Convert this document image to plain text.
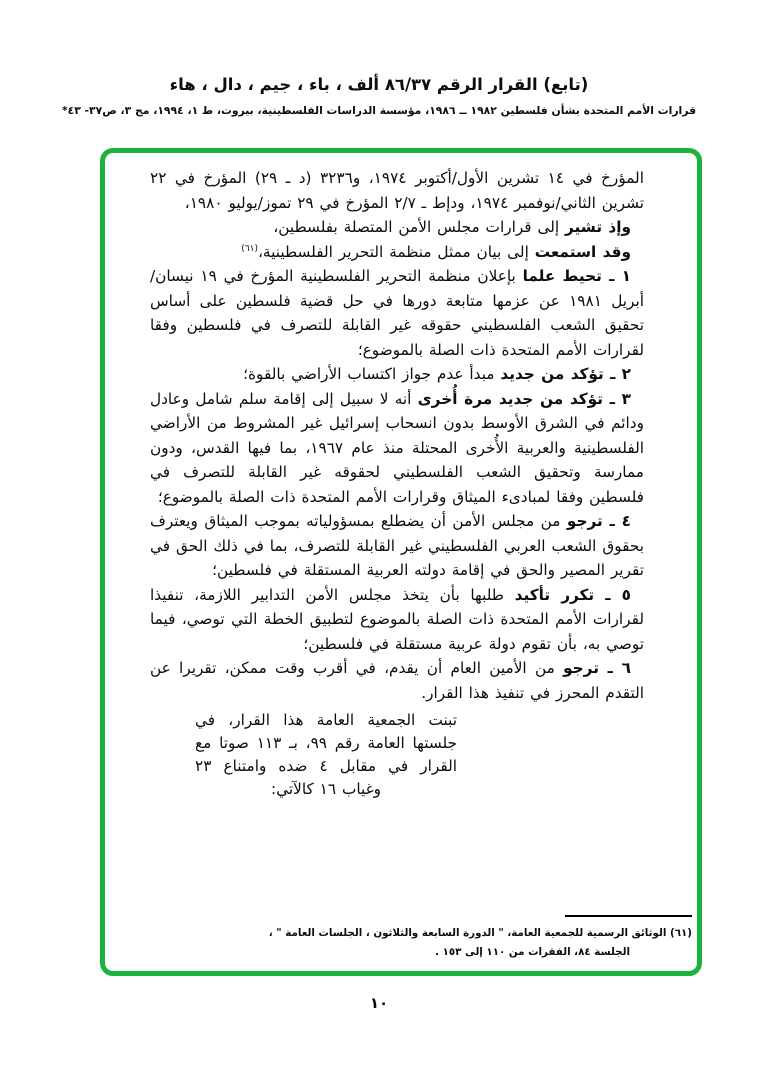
(تابع) القرار الرقم ٨٦/٣٧ ألف ، باء ، جيم ، دال ، هاء
قرارات الأمم المتحدة بشأن فلسطين ١٩٨٢ ــ ١٩٨٦، مؤسسة الدراسات الفلسطينية، بيروت، ط ١، ١٩٩٤، مج ٣، ص٣٧- ٤٣*

المؤرخ في ١٤ تشرين الأول/أكتوبر ١٩٧٤، و٣٢٣٦ (د ـ ٢٩) المؤرخ في ٢٢ تشرين الثاني/نوفمبر ١٩٧٤، ودإط ـ ٢/٧ المؤرخ في ٢٩ تموز/يوليو ١٩٨٠،

وإذ تشير إلى قرارات مجلس الأمن المتصلة بفلسطين،

وقد استمعت إلى بيان ممثل منظمة التحرير الفلسطينية،$^{(٦١)}$

١ ـ تحيط علما بإعلان منظمة التحرير الفلسطينية المؤرخ في ١٩ نيسان/أبريل ١٩٨١ عن عزمها متابعة دورها في حل قضية فلسطين على أساس تحقيق الشعب الفلسطيني حقوقه غير القابلة للتصرف في فلسطين وفقا لقرارات الأمم المتحدة ذات الصلة بالموضوع؛

٢ ـ تؤكد من جديد مبدأ عدم جواز اكتساب الأراضي بالقوة؛

٣ ـ تؤكد من جديد مرة أُخرى أنه لا سبيل إلى إقامة سلم شامل وعادل ودائم في الشرق الأوسط بدون انسحاب إسرائيل غير المشروط من الأراضي الفلسطينية والعربية الأُخرى المحتلة منذ عام ١٩٦٧، بما فيها القدس، ودون ممارسة وتحقيق الشعب الفلسطيني لحقوقه غير القابلة للتصرف في فلسطين وفقا لمبادىء الميثاق وقرارات الأمم المتحدة ذات الصلة بالموضوع؛

٤ ـ ترجو من مجلس الأمن أن يضطلع بمسؤولياته بموجب الميثاق ويعترف بحقوق الشعب العربي الفلسطيني غير القابلة للتصرف، بما في ذلك الحق في تقرير المصير والحق في إقامة دولته العربية المستقلة في فلسطين؛

٥ ـ تكرر تأكيد طلبها بأن يتخذ مجلس الأمن التدابير اللازمة، تنفيذا لقرارات الأمم المتحدة ذات الصلة بالموضوع لتطبيق الخطة التي توصي، فيما توصي به، بأن تقوم دولة عربية مستقلة في فلسطين؛

٦ ـ ترجو من الأمين العام أن يقدم، في أقرب وقت ممكن، تقريرا عن التقدم المحرز في تنفيذ هذا القرار.

تبنت الجمعية العامة هذا القرار، في جلستها العامة رقم ٩٩، بـ ١١٣ صوتا مع القرار في مقابل ٤ ضده وامتناع ٢٣ وغياب ١٦ كالآتي:
(٦١) الوثائق الرسمية للجمعية العامة، " الدورة السابعة والثلاثون ، الجلسات العامة " ،
الجلسة ٨٤، الفقرات من ١١٠ إلى ١٥٣ .
١٠
